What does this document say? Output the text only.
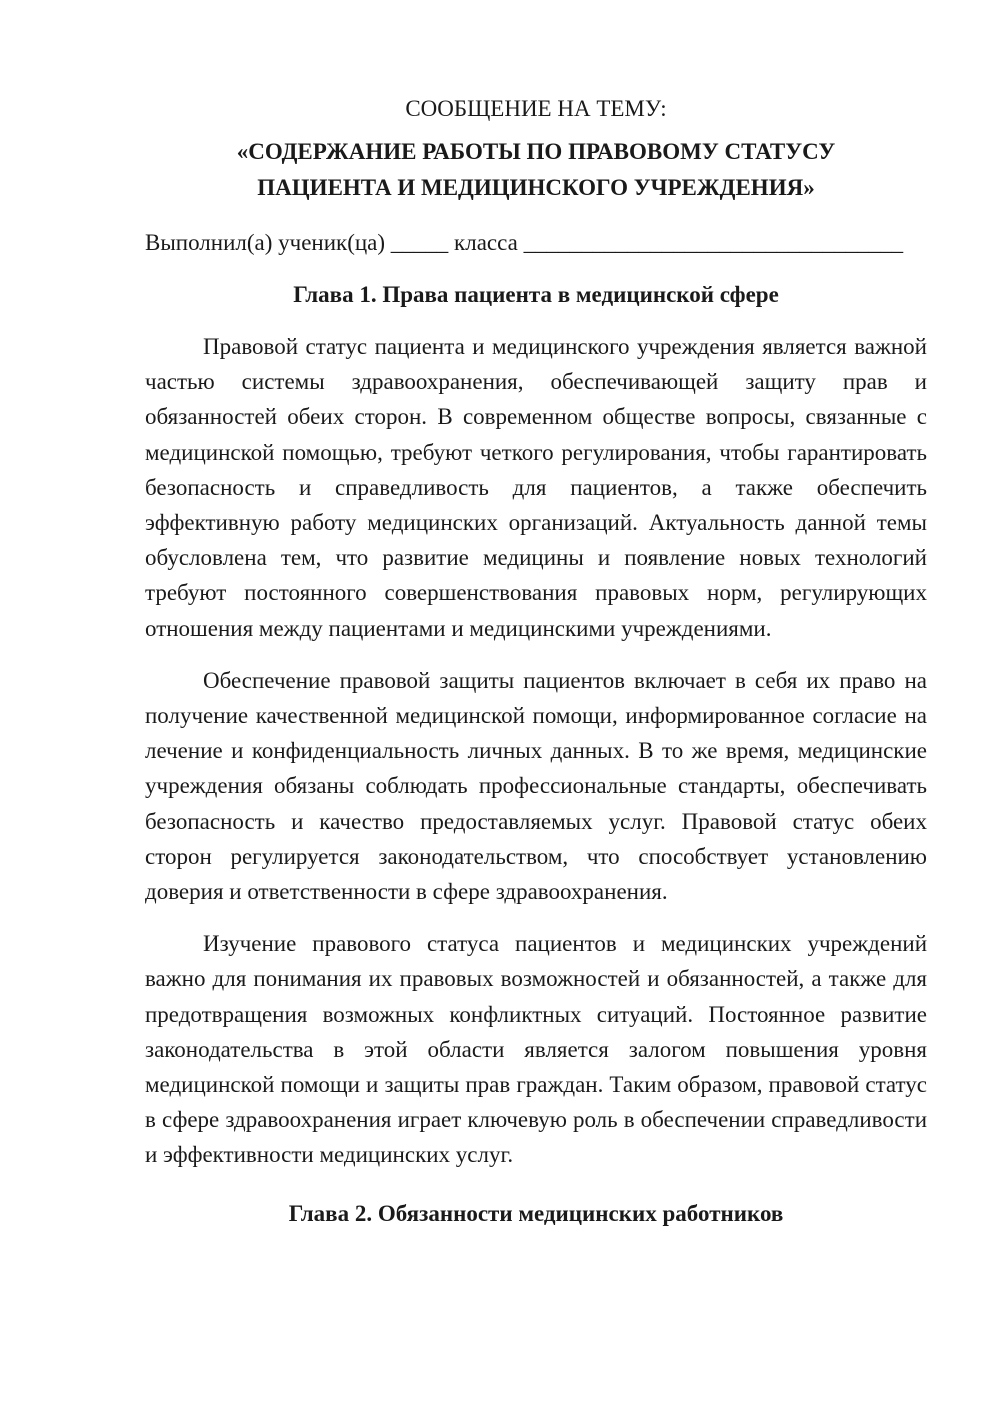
СООБЩЕНИЕ НА ТЕМУ:

«СОДЕРЖАНИЕ РАБОТЫ ПО ПРАВОВОМУ СТАТУСУ
ПАЦИЕНТА И МЕДИЦИНСКОГО УЧРЕЖДЕНИЯ»

Выполнил(а) ученик(ца) _____ класса _________________________________

Глава 1. Права пациента в медицинской сфере

Правовой статус пациента и медицинского учреждения является важной частью системы здравоохранения, обеспечивающей защиту прав и обязанностей обеих сторон. В современном обществе вопросы, связанные с медицинской помощью, требуют четкого регулирования, чтобы гарантировать безопасность и справедливость для пациентов, а также обеспечить эффективную работу медицинских организаций. Актуальность данной темы обусловлена тем, что развитие медицины и появление новых технологий требуют постоянного совершенствования правовых норм, регулирующих отношения между пациентами и медицинскими учреждениями.

Обеспечение правовой защиты пациентов включает в себя их право на получение качественной медицинской помощи, информированное согласие на лечение и конфиденциальность личных данных. В то же время, медицинские учреждения обязаны соблюдать профессиональные стандарты, обеспечивать безопасность и качество предоставляемых услуг. Правовой статус обеих сторон регулируется законодательством, что способствует установлению доверия и ответственности в сфере здравоохранения.

Изучение правового статуса пациентов и медицинских учреждений важно для понимания их правовых возможностей и обязанностей, а также для предотвращения возможных конфликтных ситуаций. Постоянное развитие законодательства в этой области является залогом повышения уровня медицинской помощи и защиты прав граждан. Таким образом, правовой статус в сфере здравоохранения играет ключевую роль в обеспечении справедливости и эффективности медицинских услуг.

Глава 2. Обязанности медицинских работников
